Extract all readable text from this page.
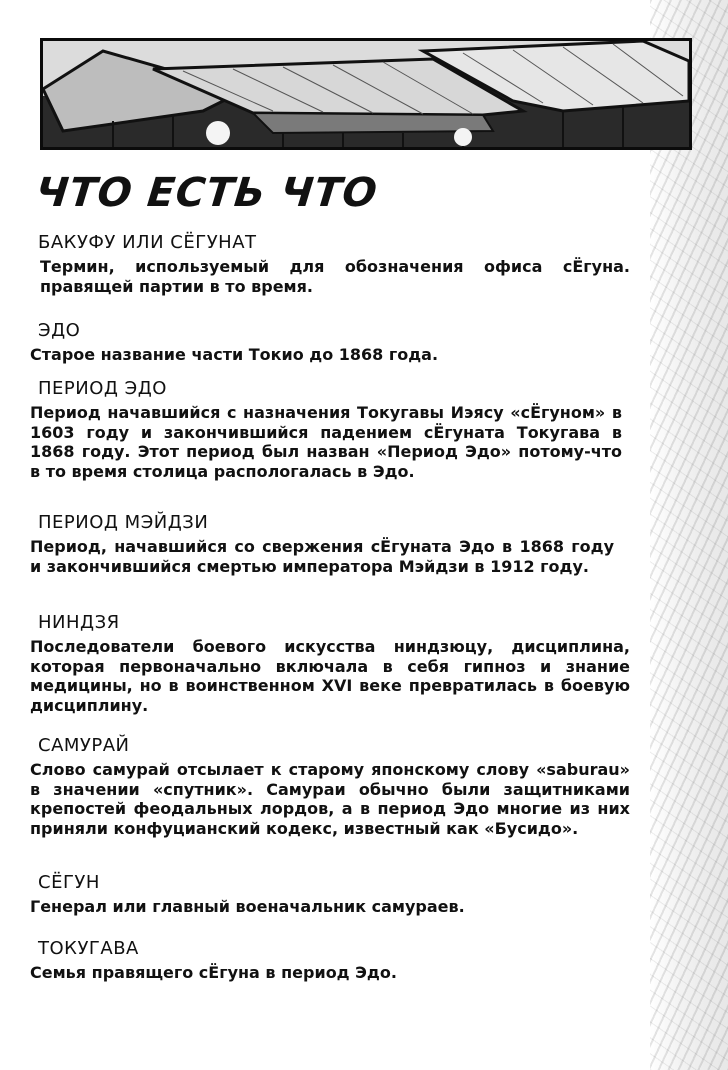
ЧТО ЕСТЬ ЧТО
БАКУФУ ИЛИ СЁГУНАТ

Термин, используемый для обозначения офиса сЁгуна. правящей партии в то время.

ЭДО

Старое название части Токио до 1868 года.

ПЕРИОД ЭДО

Период начавшийся с назначения Токугавы Иэясу «сЁгуном» в 1603 году и закончившийся падением сЁгуната Токугава в 1868 году. Этот период был назван «Период Эдо» потому-что в то время столица распологалась в Эдо.

ПЕРИОД МЭЙДЗИ

Период, начавшийся со свержения сЁгуната Эдо в 1868 году и закончившийся смертью императора Мэйдзи в 1912 году.

НИНДЗЯ

Последователи боевого искусства ниндзюцу, дисциплина, которая первоначально включала в себя гипноз и знание медицины, но в воинственном XVI веке превратилась в боевую дисциплину.

САМУРАЙ

Слово самурай отсылает к старому японскому слову «saburau» в значении «спутник». Самураи обычно были защитниками крепостей феодальных лордов, а в период Эдо многие из них приняли конфуцианский кодекс, известный как «Бусидо».

СЁГУН

Генерал или главный военачальник самураев.

ТОКУГАВА

Семья правящего сЁгуна в период Эдо.
